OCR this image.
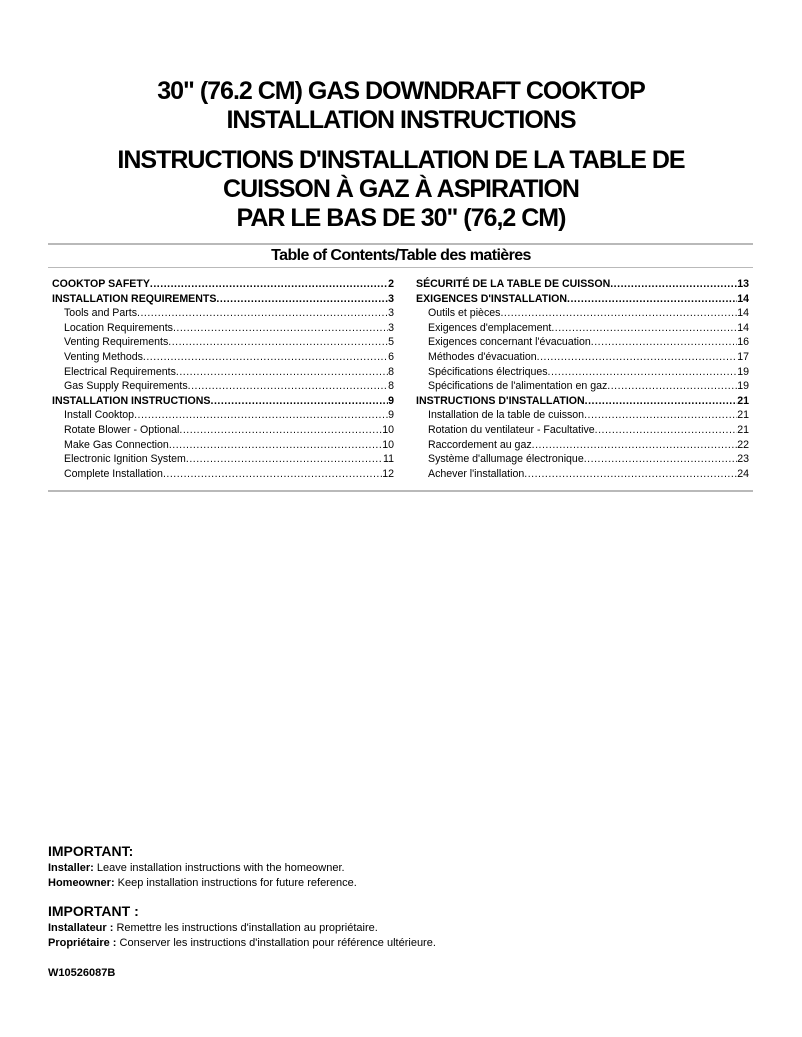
30" (76.2 CM) GAS DOWNDRAFT COOKTOP
INSTALLATION INSTRUCTIONS
INSTRUCTIONS D'INSTALLATION DE LA TABLE DE
CUISSON À GAZ À ASPIRATION
PAR LE BAS DE 30" (76,2 CM)
Table of Contents/Table des matières
COOKTOP SAFETY .....	2
INSTALLATION REQUIREMENTS .....	3
Tools and Parts .....	3
Location Requirements .....	3
Venting Requirements .....	5
Venting Methods .....	6
Electrical Requirements .....	8
Gas Supply Requirements .....	8
INSTALLATION INSTRUCTIONS .....	9
Install Cooktop .....	9
Rotate Blower - Optional .....	10
Make Gas Connection .....	10
Electronic Ignition System .....	11
Complete Installation .....	12
SÉCURITÉ DE LA TABLE DE CUISSON .....	13
EXIGENCES D'INSTALLATION .....	14
Outils et pièces .....	14
Exigences d'emplacement .....	14
Exigences concernant l'évacuation .....	16
Méthodes d'évacuation .....	17
Spécifications électriques .....	19
Spécifications de l'alimentation en gaz .....	19
INSTRUCTIONS D'INSTALLATION .....	21
Installation de la table de cuisson .....	21
Rotation du ventilateur - Facultative .....	21
Raccordement au gaz .....	22
Système d'allumage électronique .....	23
Achever l'installation .....	24
IMPORTANT:
Installer: Leave installation instructions with the homeowner.
Homeowner: Keep installation instructions for future reference.
IMPORTANT :
Installateur : Remettre les instructions d'installation au propriétaire.
Propriétaire : Conserver les instructions d'installation pour référence ultérieure.
W10526087B
